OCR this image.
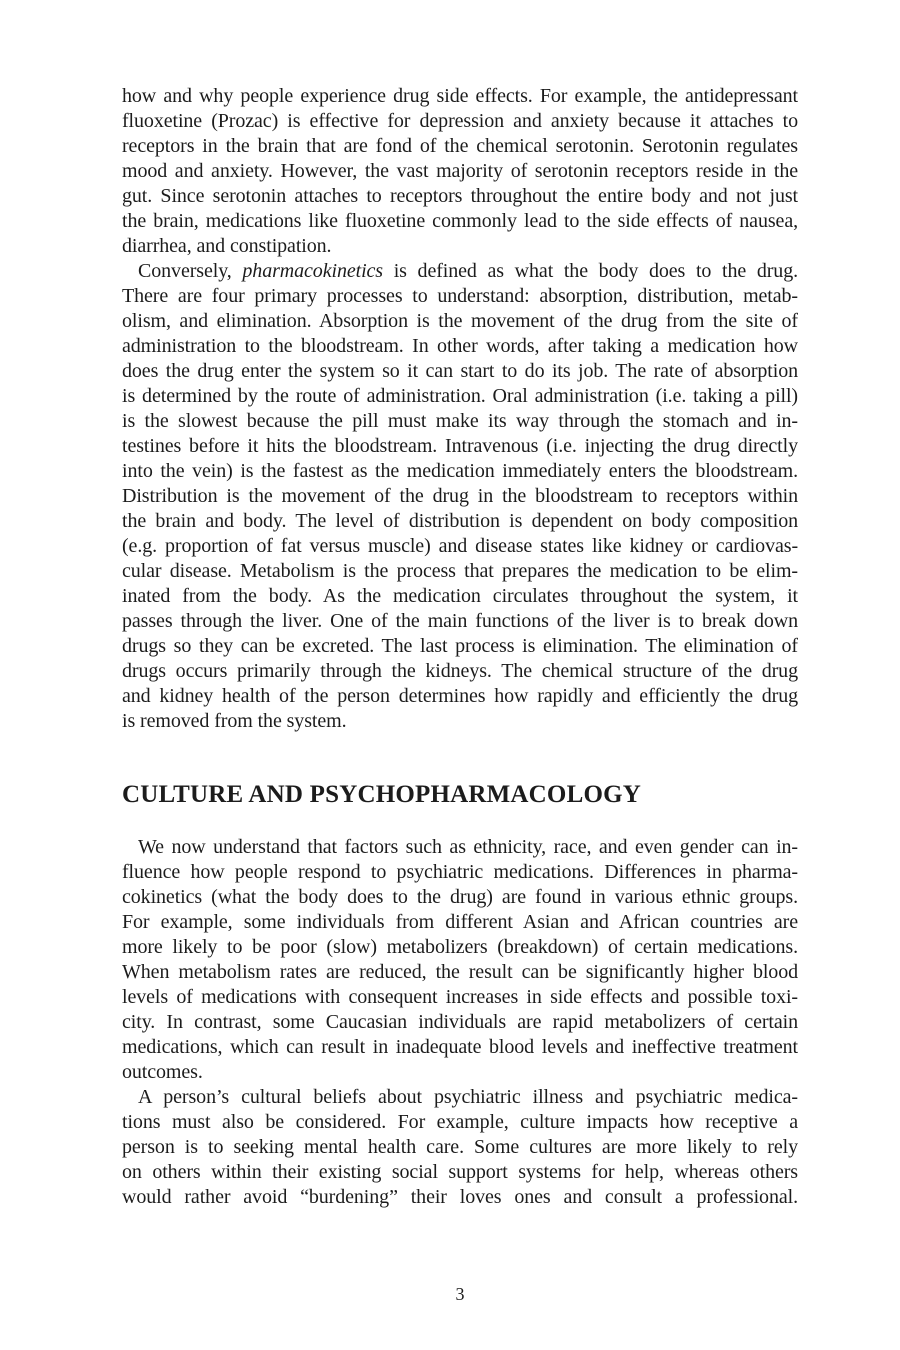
how and why people experience drug side effects. For example, the antidepressant
fluoxetine (Prozac) is effective for depression and anxiety because it attaches to
receptors in the brain that are fond of the chemical serotonin. Serotonin regulates
mood and anxiety. However, the vast majority of serotonin receptors reside in the
gut. Since serotonin attaches to receptors throughout the entire body and not just
the brain, medications like fluoxetine commonly lead to the side effects of nausea,
diarrhea, and constipation.
Conversely, pharmacokinetics is defined as what the body does to the drug.
There are four primary processes to understand: absorption, distribution, metab-
olism, and elimination. Absorption is the movement of the drug from the site of
administration to the bloodstream. In other words, after taking a medication how
does the drug enter the system so it can start to do its job. The rate of absorption
is determined by the route of administration. Oral administration (i.e. taking a pill)
is the slowest because the pill must make its way through the stomach and in-
testines before it hits the bloodstream. Intravenous (i.e. injecting the drug directly
into the vein) is the fastest as the medication immediately enters the bloodstream.
Distribution is the movement of the drug in the bloodstream to receptors within
the brain and body. The level of distribution is dependent on body composition
(e.g. proportion of fat versus muscle) and disease states like kidney or cardiovas-
cular disease. Metabolism is the process that prepares the medication to be elim-
inated from the body. As the medication circulates throughout the system, it
passes through the liver. One of the main functions of the liver is to break down
drugs so they can be excreted. The last process is elimination. The elimination of
drugs occurs primarily through the kidneys. The chemical structure of the drug
and kidney health of the person determines how rapidly and efficiently the drug
is removed from the system.
CULTURE AND PSYCHOPHARMACOLOGY
We now understand that factors such as ethnicity, race, and even gender can in-
fluence how people respond to psychiatric medications. Differences in pharma-
cokinetics (what the body does to the drug) are found in various ethnic groups.
For example, some individuals from different Asian and African countries are
more likely to be poor (slow) metabolizers (breakdown) of certain medications.
When metabolism rates are reduced, the result can be significantly higher blood
levels of medications with consequent increases in side effects and possible toxi-
city. In contrast, some Caucasian individuals are rapid metabolizers of certain
medications, which can result in inadequate blood levels and ineffective treatment
outcomes.
A person’s cultural beliefs about psychiatric illness and psychiatric medica-
tions must also be considered. For example, culture impacts how receptive a
person is to seeking mental health care. Some cultures are more likely to rely
on others within their existing social support systems for help, whereas others
would rather avoid “burdening” their loves ones and consult a professional.
3
